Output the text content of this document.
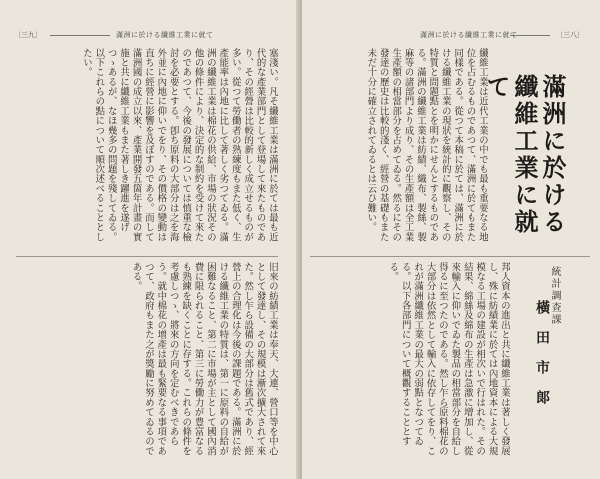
〔三九〕	滿洲に於ける纖維工業に就て
塞淺い。凡そ纖維工業は滿洲に於ては最も近代的な產業部門として登場して來たものであり、その經營は比較的新しく成立せるものが多い。從つて勞働者の熟練度もまた低く、生產能率は內地に比して著しく劣つてゐる。滿洲の纖維工業は棉花の供給、市場の狀況その他の條件により、決定的な制約を受けて來たのであつて、今後の發展については慎重な檢討を必要とする。卽ち原料の大部分は之を海外並に內地に仰いでをり、その價格の變動は直ちに經營に影響を及ぼすのである。而して滿洲國の成立以來、產業開發五箇年計畫の實施と共に纖維工業もまた著しき躍進を遂げつゝあるが、なほ幾多の問題を殘してゐる。以下これらの點について順次述べることとしたい。
旧來の紡績工業は奉天、大連、營口等を中心として發達し、その規模は漸次擴大されて來た。然し乍ら設備の大部分は舊式であり、經營上の合理化は今後の課題である。滿洲に於ける纖維工業の特質は、第一に原料の自給が困難なること、第二に市場が主として國內消費に限られること、第三に勞働力が豊富なるも熟練を缺くことに存する。これらの條件を考慮しつゝ、將來の方向を定むべきであらう。就中棉花の增產は最も緊要なる事項であつて、政府もまた之が獎勵に努めてゐるのである。
滿洲に於ける纖維工業に就て	〔三八〕
纖維工業は近代工業の中でも最も重要なる地位を占むるものであつて、滿洲に於てもまた同樣である。從つて本稿に於ては、滿洲に於ける纖維工業の現狀を統計的に觀察し、その特質と問題點とを明かにせんとするものである。滿洲の纖維工業は紡績、織布、製絲、製麻等の諸部門より成り、その生產額は全工業生產額の相當部分を占めてゐる。然るにその發達の歷史は比較的淺く、經營の基礎もまた未だ十分に確立されてゐるとは云ひ難い。	滿洲に於ける纖維工業に就て
邦人資本の進出と共に纖維工業は著しく發展し、殊に紡績業に於ては內地資本による大規模なる工場の建設が相次いで行はれた。その結果、綿絲及綿布の生產は急激に增加し、從來輸入に仰いでゐた製品の相當部分を自給し得るに至つたのである。然し乍ら原料棉花の大部分は依然として輸入に依存してをり、これが滿洲纖維工業の最大の弱點となつてゐる。以下各部門について概觀することとする。	統計調查課
橫田市郞
